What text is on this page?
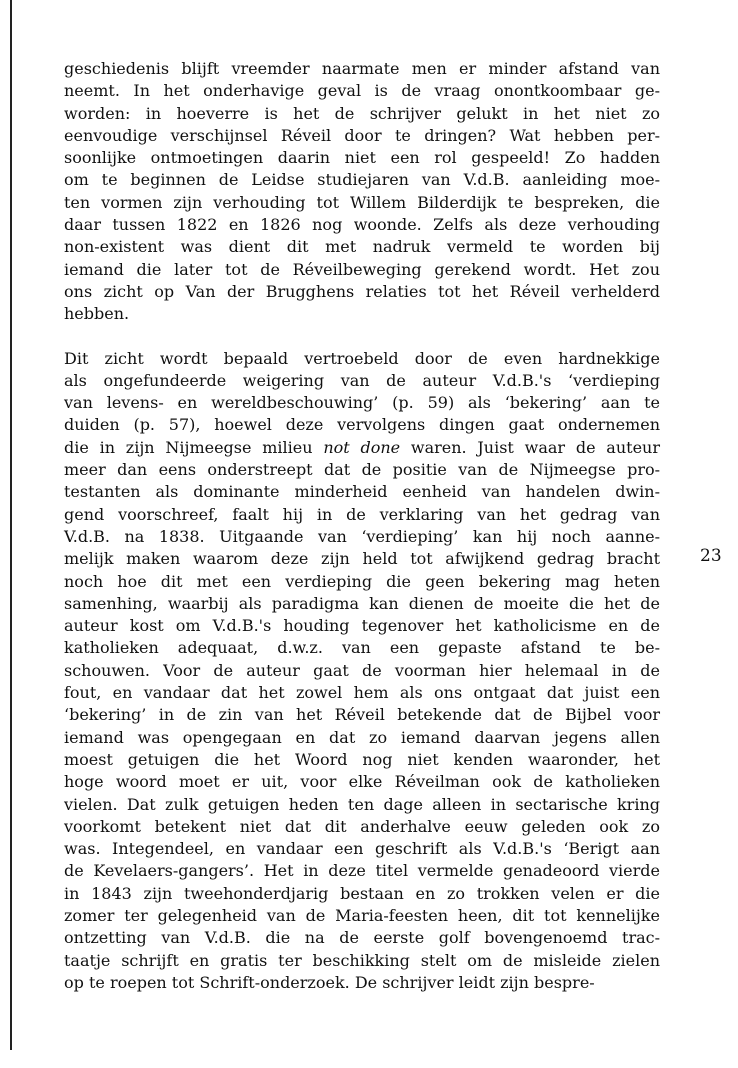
geschiedenis blijft vreemder naarmate men er minder afstand van

neemt. In het onderhavige geval is de vraag onontkoombaar ge-

worden: in hoeverre is het de schrijver gelukt in het niet zo

eenvoudige verschijnsel Réveil door te dringen? Wat hebben per-

soonlijke ontmoetingen daarin niet een rol gespeeld! Zo hadden

om te beginnen de Leidse studiejaren van V.d.B. aanleiding moe-

ten vormen zijn verhouding tot Willem Bilderdijk te bespreken, die

daar tussen 1822 en 1826 nog woonde. Zelfs als deze verhouding

non-existent was dient dit met nadruk vermeld te worden bij

iemand die later tot de Réveilbeweging gerekend wordt. Het zou

ons zicht op Van der Brugghens relaties tot het Réveil verhelderd

hebben.

Dit zicht wordt bepaald vertroebeld door de even hardnekkige

als ongefundeerde weigering van de auteur V.d.B.'s ‘verdieping

van levens- en wereldbeschouwing’ (p. 59) als ‘bekering’ aan te

duiden (p. 57), hoewel deze vervolgens dingen gaat ondernemen

die in zijn Nijmeegse milieu not done waren. Juist waar de auteur

meer dan eens onderstreept dat de positie van de Nijmeegse pro-

testanten als dominante minderheid eenheid van handelen dwin-

gend voorschreef, faalt hij in de verklaring van het gedrag van

V.d.B. na 1838. Uitgaande van ‘verdieping’ kan hij noch aanne-

melijk maken waarom deze zijn held tot afwijkend gedrag bracht

noch hoe dit met een verdieping die geen bekering mag heten

samenhing, waarbij als paradigma kan dienen de moeite die het de

auteur kost om V.d.B.'s houding tegenover het katholicisme en de

katholieken adequaat, d.w.z. van een gepaste afstand te be-

schouwen. Voor de auteur gaat de voorman hier helemaal in de

fout, en vandaar dat het zowel hem als ons ontgaat dat juist een

‘bekering’ in de zin van het Réveil betekende dat de Bijbel voor

iemand was opengegaan en dat zo iemand daarvan jegens allen

moest getuigen die het Woord nog niet kenden waaronder, het

hoge woord moet er uit, voor elke Réveilman ook de katholieken

vielen. Dat zulk getuigen heden ten dage alleen in sectarische kring

voorkomt betekent niet dat dit anderhalve eeuw geleden ook zo

was. Integendeel, en vandaar een geschrift als V.d.B.'s ‘Berigt aan

de Kevelaers-gangers’. Het in deze titel vermelde genadeoord vierde

in 1843 zijn tweehonderdjarig bestaan en zo trokken velen er die

zomer ter gelegenheid van de Maria-feesten heen, dit tot kennelijke

ontzetting van V.d.B. die na de eerste golf bovengenoemd trac-

taatje schrijft en gratis ter beschikking stelt om de misleide zielen

op te roepen tot Schrift-onderzoek. De schrijver leidt zijn bespre-

23
